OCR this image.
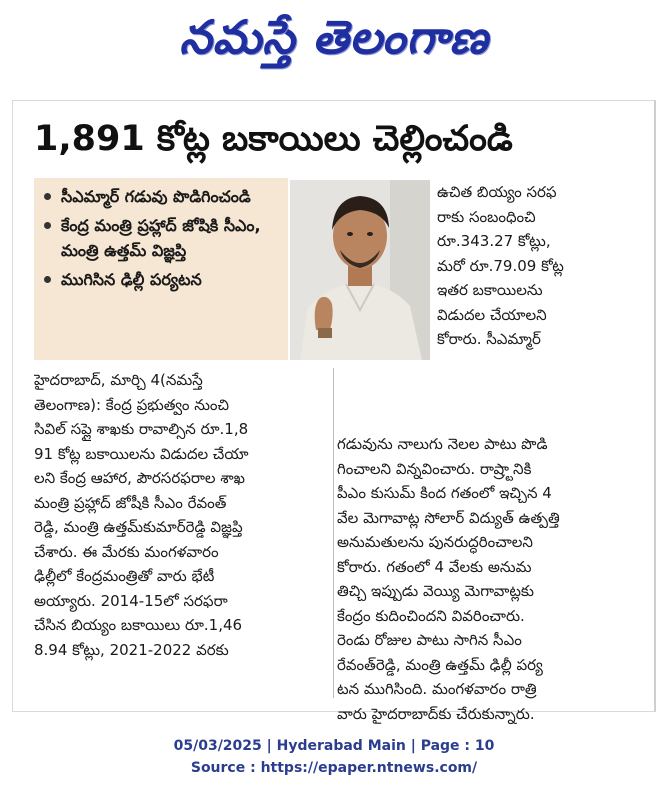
నమస్తే తెలంగాణ
1,891 కోట్ల బకాయిలు చెల్లించండి
సీఎమ్మార్ గడువు పొడిగించండి
కేంద్ర మంత్రి ప్రహ్లాద్ జోషికి సీఎం, మంత్రి ఉత్తమ్ విజ్ఞప్తి
ముగిసిన ఢిల్లీ పర్యటన
ఉచిత బియ్యం సరఫ
రాకు సంబంధించి
రూ.343.27 కోట్లు,
మరో రూ.79.09 కోట్ల
ఇతర బకాయిలను
విడుదల చేయాలని
కోరారు. సీఎమ్మార్
హైదరాబాద్, మార్చి 4(నమస్తే
తెలంగాణ): కేంద్ర ప్రభుత్వం నుంచి
సివిల్ సప్లై శాఖకు రావాల్సిన రూ.1,8
91 కోట్ల బకాయిలను విడుదల చేయా
లని కేంద్ర ఆహార, పౌరసరఫరాల శాఖ
మంత్రి ప్రహ్లాద్ జోషీకి సీఎం రేవంత్
రెడ్డి, మంత్రి ఉత్తమ్‌కుమార్‌రెడ్డి విజ్ఞప్తి
చేశారు. ఈ మేరకు మంగళవారం
ఢిల్లీలో కేంద్రమంత్రితో వారు భేటీ
అయ్యారు. 2014-15లో సరఫరా
చేసిన బియ్యం బకాయిలు రూ.1,46
8.94 కోట్లు, 2021-2022 వరకు
గడువును నాలుగు నెలల పాటు పొడి
గించాలని విన్నవించారు. రాష్ర్టానికి
పీఎం కుసుమ్ కింద గతంలో ఇచ్చిన 4
వేల మెగావాట్ల సోలార్ విద్యుత్ ఉత్పత్తి
అనుమతులను పునరుద్ధరించాలని
కోరారు. గతంలో 4 వేలకు అనుమ
తిచ్చి ఇప్పుడు వెయ్యి మెగావాట్లకు
కేంద్రం కుదించిందని వివరించారు.
రెండు రోజుల పాటు సాగిన సీఎం
రేవంత్‌రెడ్డి, మంత్రి ఉత్తమ్ ఢిల్లీ పర్య
టన ముగిసింది. మంగళవారం రాత్రి
వారు హైదరాబాద్‌కు చేరుకున్నారు.
05/03/2025 | Hyderabad Main | Page : 10
Source : https://epaper.ntnews.com/
